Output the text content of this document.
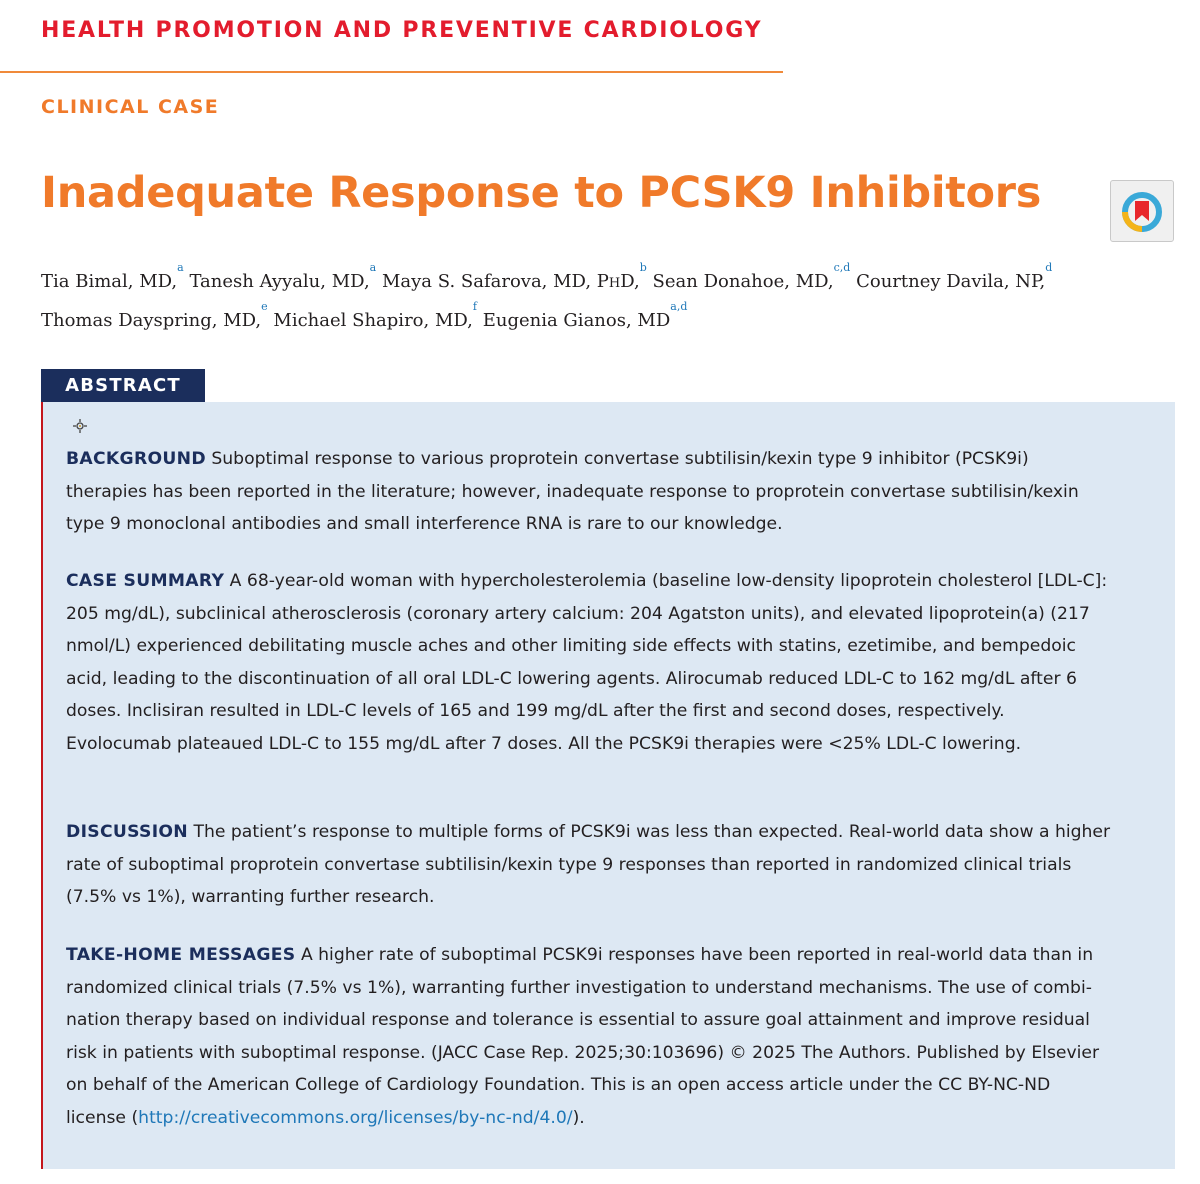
HEALTH PROMOTION AND PREVENTIVE CARDIOLOGY
CLINICAL CASE
Inadequate Response to PCSK9 Inhibitors
Tia Bimal, MD,$^a$ Tanesh Ayyalu, MD,$^a$ Maya S. Safarova, MD, PhD,$^b$ Sean Donahoe, MD,$^{c,d}$ Courtney Davila, NP,$^d$
Thomas Dayspring, MD,$^e$ Michael Shapiro, MD,$^f$ Eugenia Gianos, MD$^{a,d}$
ABSTRACT

BACKGROUND Suboptimal response to various proprotein convertase subtilisin/kexin type 9 inhibitor (PCSK9i) therapies has been reported in the literature; however, inadequate response to proprotein convertase subtilisin/kexin type 9 monoclonal antibodies and small interference RNA is rare to our knowledge.

CASE SUMMARY A 68-year-old woman with hypercholesterolemia (baseline low-density lipoprotein cholesterol [LDL-C]: 205 mg/dL), subclinical atherosclerosis (coronary artery calcium: 204 Agatston units), and elevated lipoprotein(a) (217 nmol/L) experienced debilitating muscle aches and other limiting side effects with statins, ezetimibe, and bempedoic acid, leading to the discontinuation of all oral LDL-C lowering agents. Alirocumab reduced LDL-C to 162 mg/dL after 6 doses. Inclisiran resulted in LDL-C levels of 165 and 199 mg/dL after the first and second doses, respectively. Evolocumab plateaued LDL-C to 155 mg/dL after 7 doses. All the PCSK9i therapies were <25% LDL-C lowering.

DISCUSSION The patient’s response to multiple forms of PCSK9i was less than expected. Real-world data show a higher rate of suboptimal proprotein convertase subtilisin/kexin type 9 responses than reported in randomized clinical trials (7.5% vs 1%), warranting further research.

TAKE-HOME MESSAGES A higher rate of suboptimal PCSK9i responses have been reported in real-world data than in randomized clinical trials (7.5% vs 1%), warranting further investigation to understand mechanisms. The use of combination therapy based on individual response and tolerance is essential to assure goal attainment and improve residual risk in patients with suboptimal response. (JACC Case Rep. 2025;30:103696) © 2025 The Authors. Published by Elsevier on behalf of the American College of Cardiology Foundation. This is an open access article under the CC BY-NC-ND license (http://creativecommons.org/licenses/by-nc-nd/4.0/).
